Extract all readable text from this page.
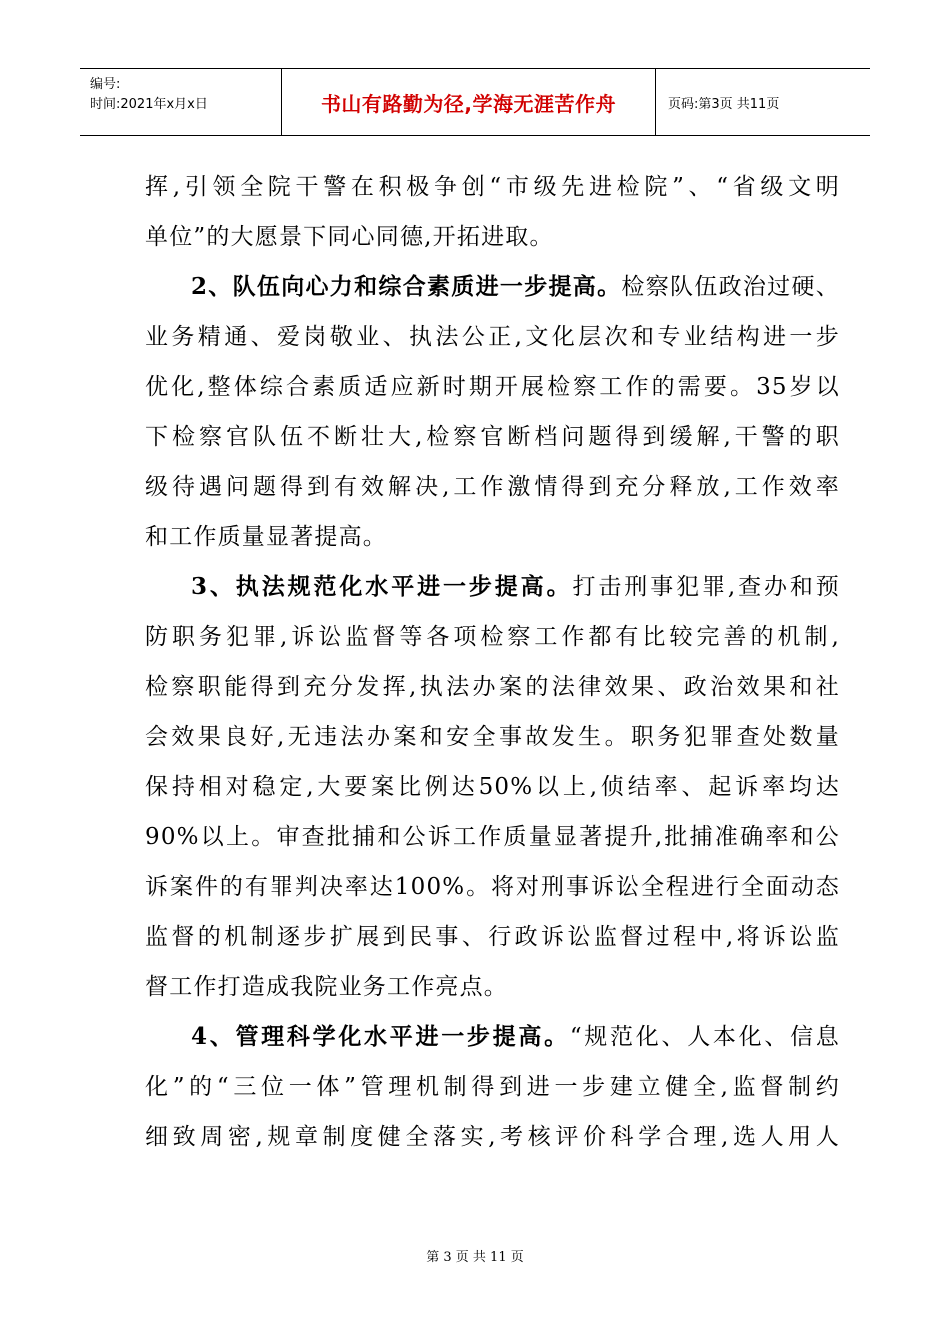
编号:
时间:2021年x月x日	书山有路勤为径,学海无涯苦作舟	页码:第3页 共11页
挥,引领全院干警在积极争创“市级先进检院”、“省级文明
单位”的大愿景下同心同德,开拓进取。
2、队伍向心力和综合素质进一步提高。检察队伍政治过硬、
业务精通、爱岗敬业、执法公正,文化层次和专业结构进一步
优化,整体综合素质适应新时期开展检察工作的需要。35岁以
下检察官队伍不断壮大,检察官断档问题得到缓解,干警的职
级待遇问题得到有效解决,工作激情得到充分释放,工作效率
和工作质量显著提高。
3、执法规范化水平进一步提高。打击刑事犯罪,查办和预
防职务犯罪,诉讼监督等各项检察工作都有比较完善的机制,
检察职能得到充分发挥,执法办案的法律效果、政治效果和社
会效果良好,无违法办案和安全事故发生。职务犯罪查处数量
保持相对稳定,大要案比例达50%以上,侦结率、起诉率均达
90%以上。审查批捕和公诉工作质量显著提升,批捕准确率和公
诉案件的有罪判决率达100%。将对刑事诉讼全程进行全面动态
监督的机制逐步扩展到民事、行政诉讼监督过程中,将诉讼监
督工作打造成我院业务工作亮点。
4、管理科学化水平进一步提高。“规范化、人本化、信息
化”的“三位一体”管理机制得到进一步建立健全,监督制约
细致周密,规章制度健全落实,考核评价科学合理,选人用人
第 3 页 共 11 页
